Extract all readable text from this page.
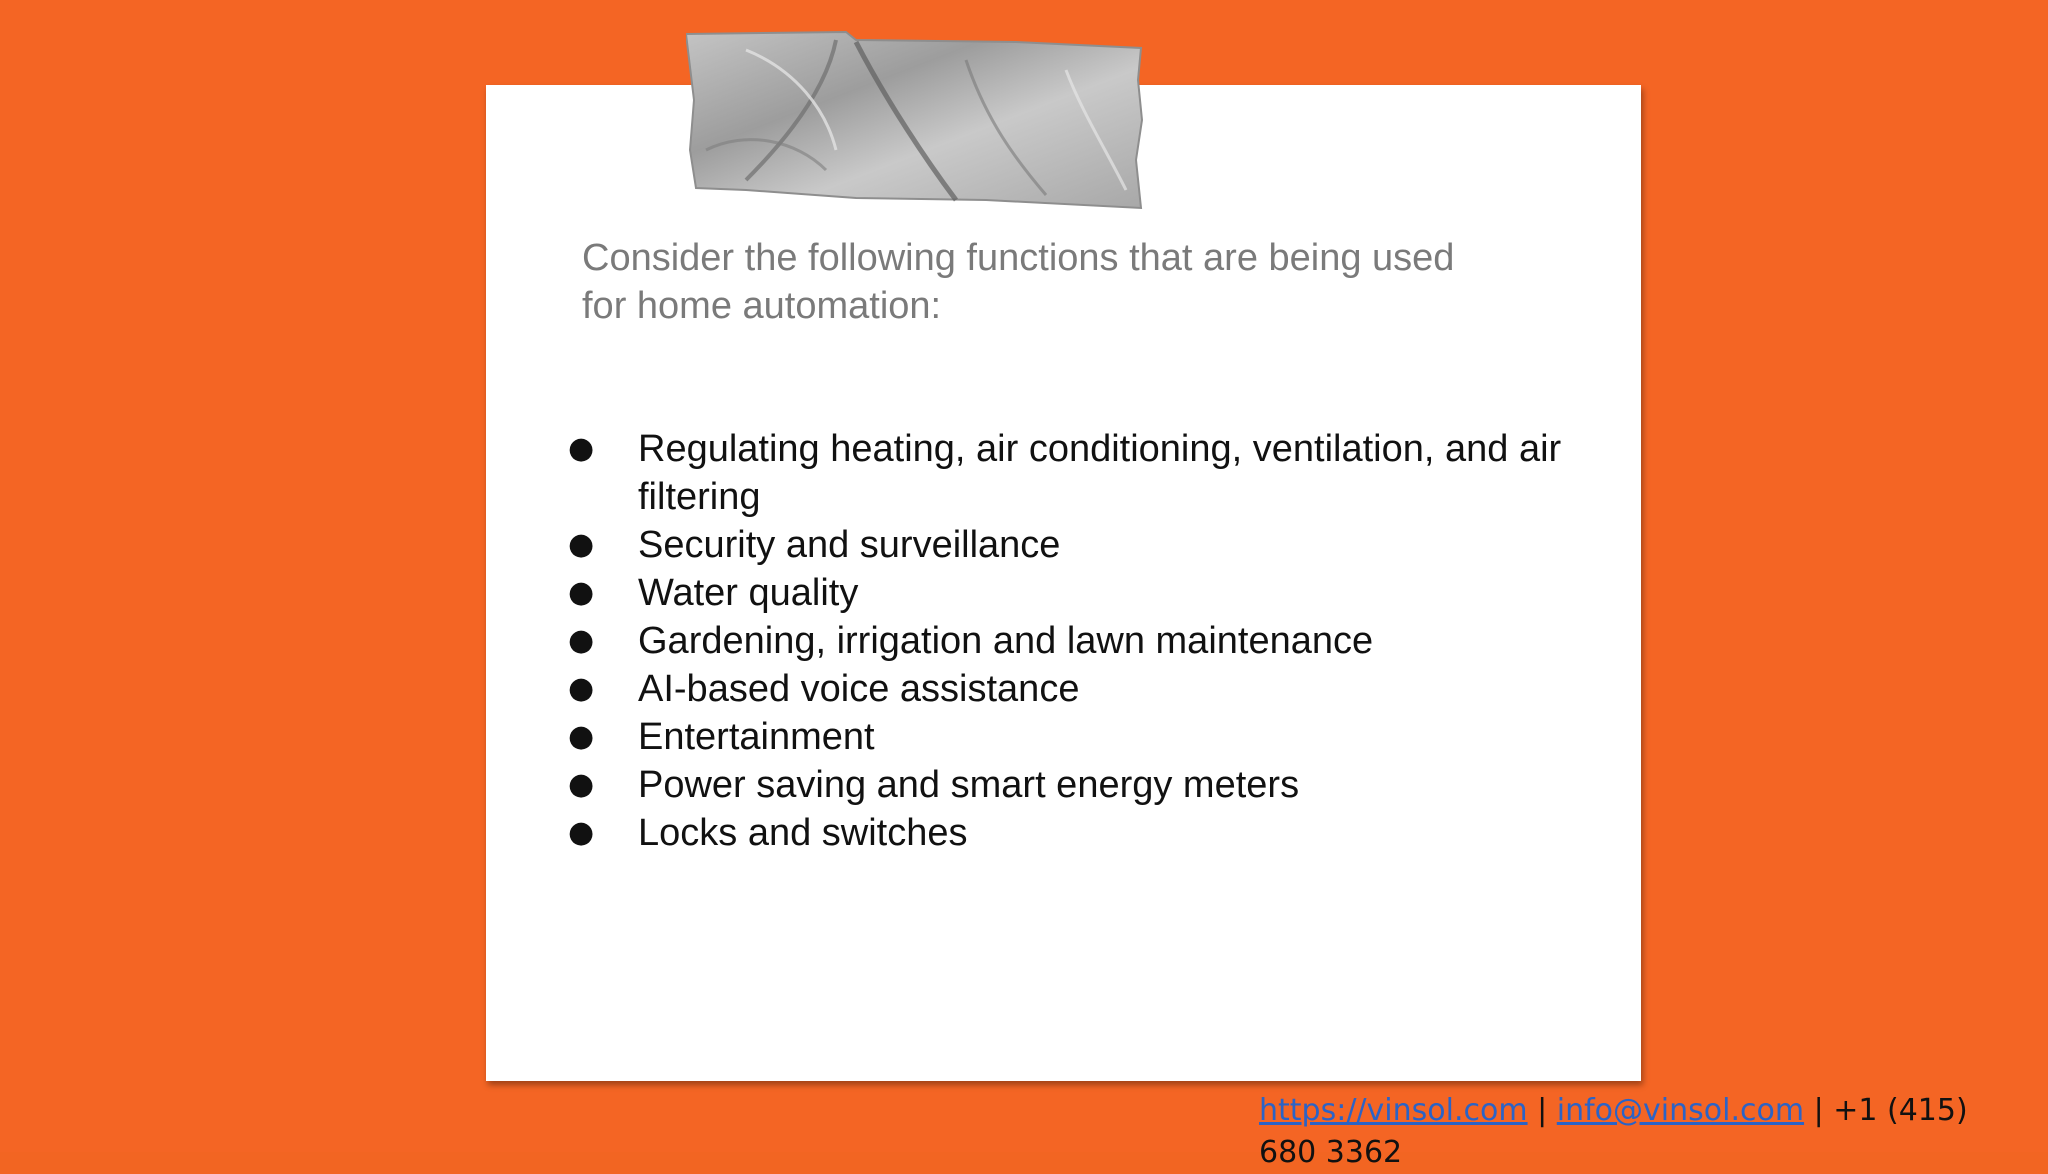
Consider the following functions that are being used for home automation:

● Regulating heating, air conditioning, ventilation, and air filtering
● Security and surveillance
● Water quality
● Gardening, irrigation and lawn maintenance
● AI-based voice assistance
● Entertainment
● Power saving and smart energy meters
● Locks and switches
https://vinsol.com | info@vinsol.com | +1 (415) 680 3362
